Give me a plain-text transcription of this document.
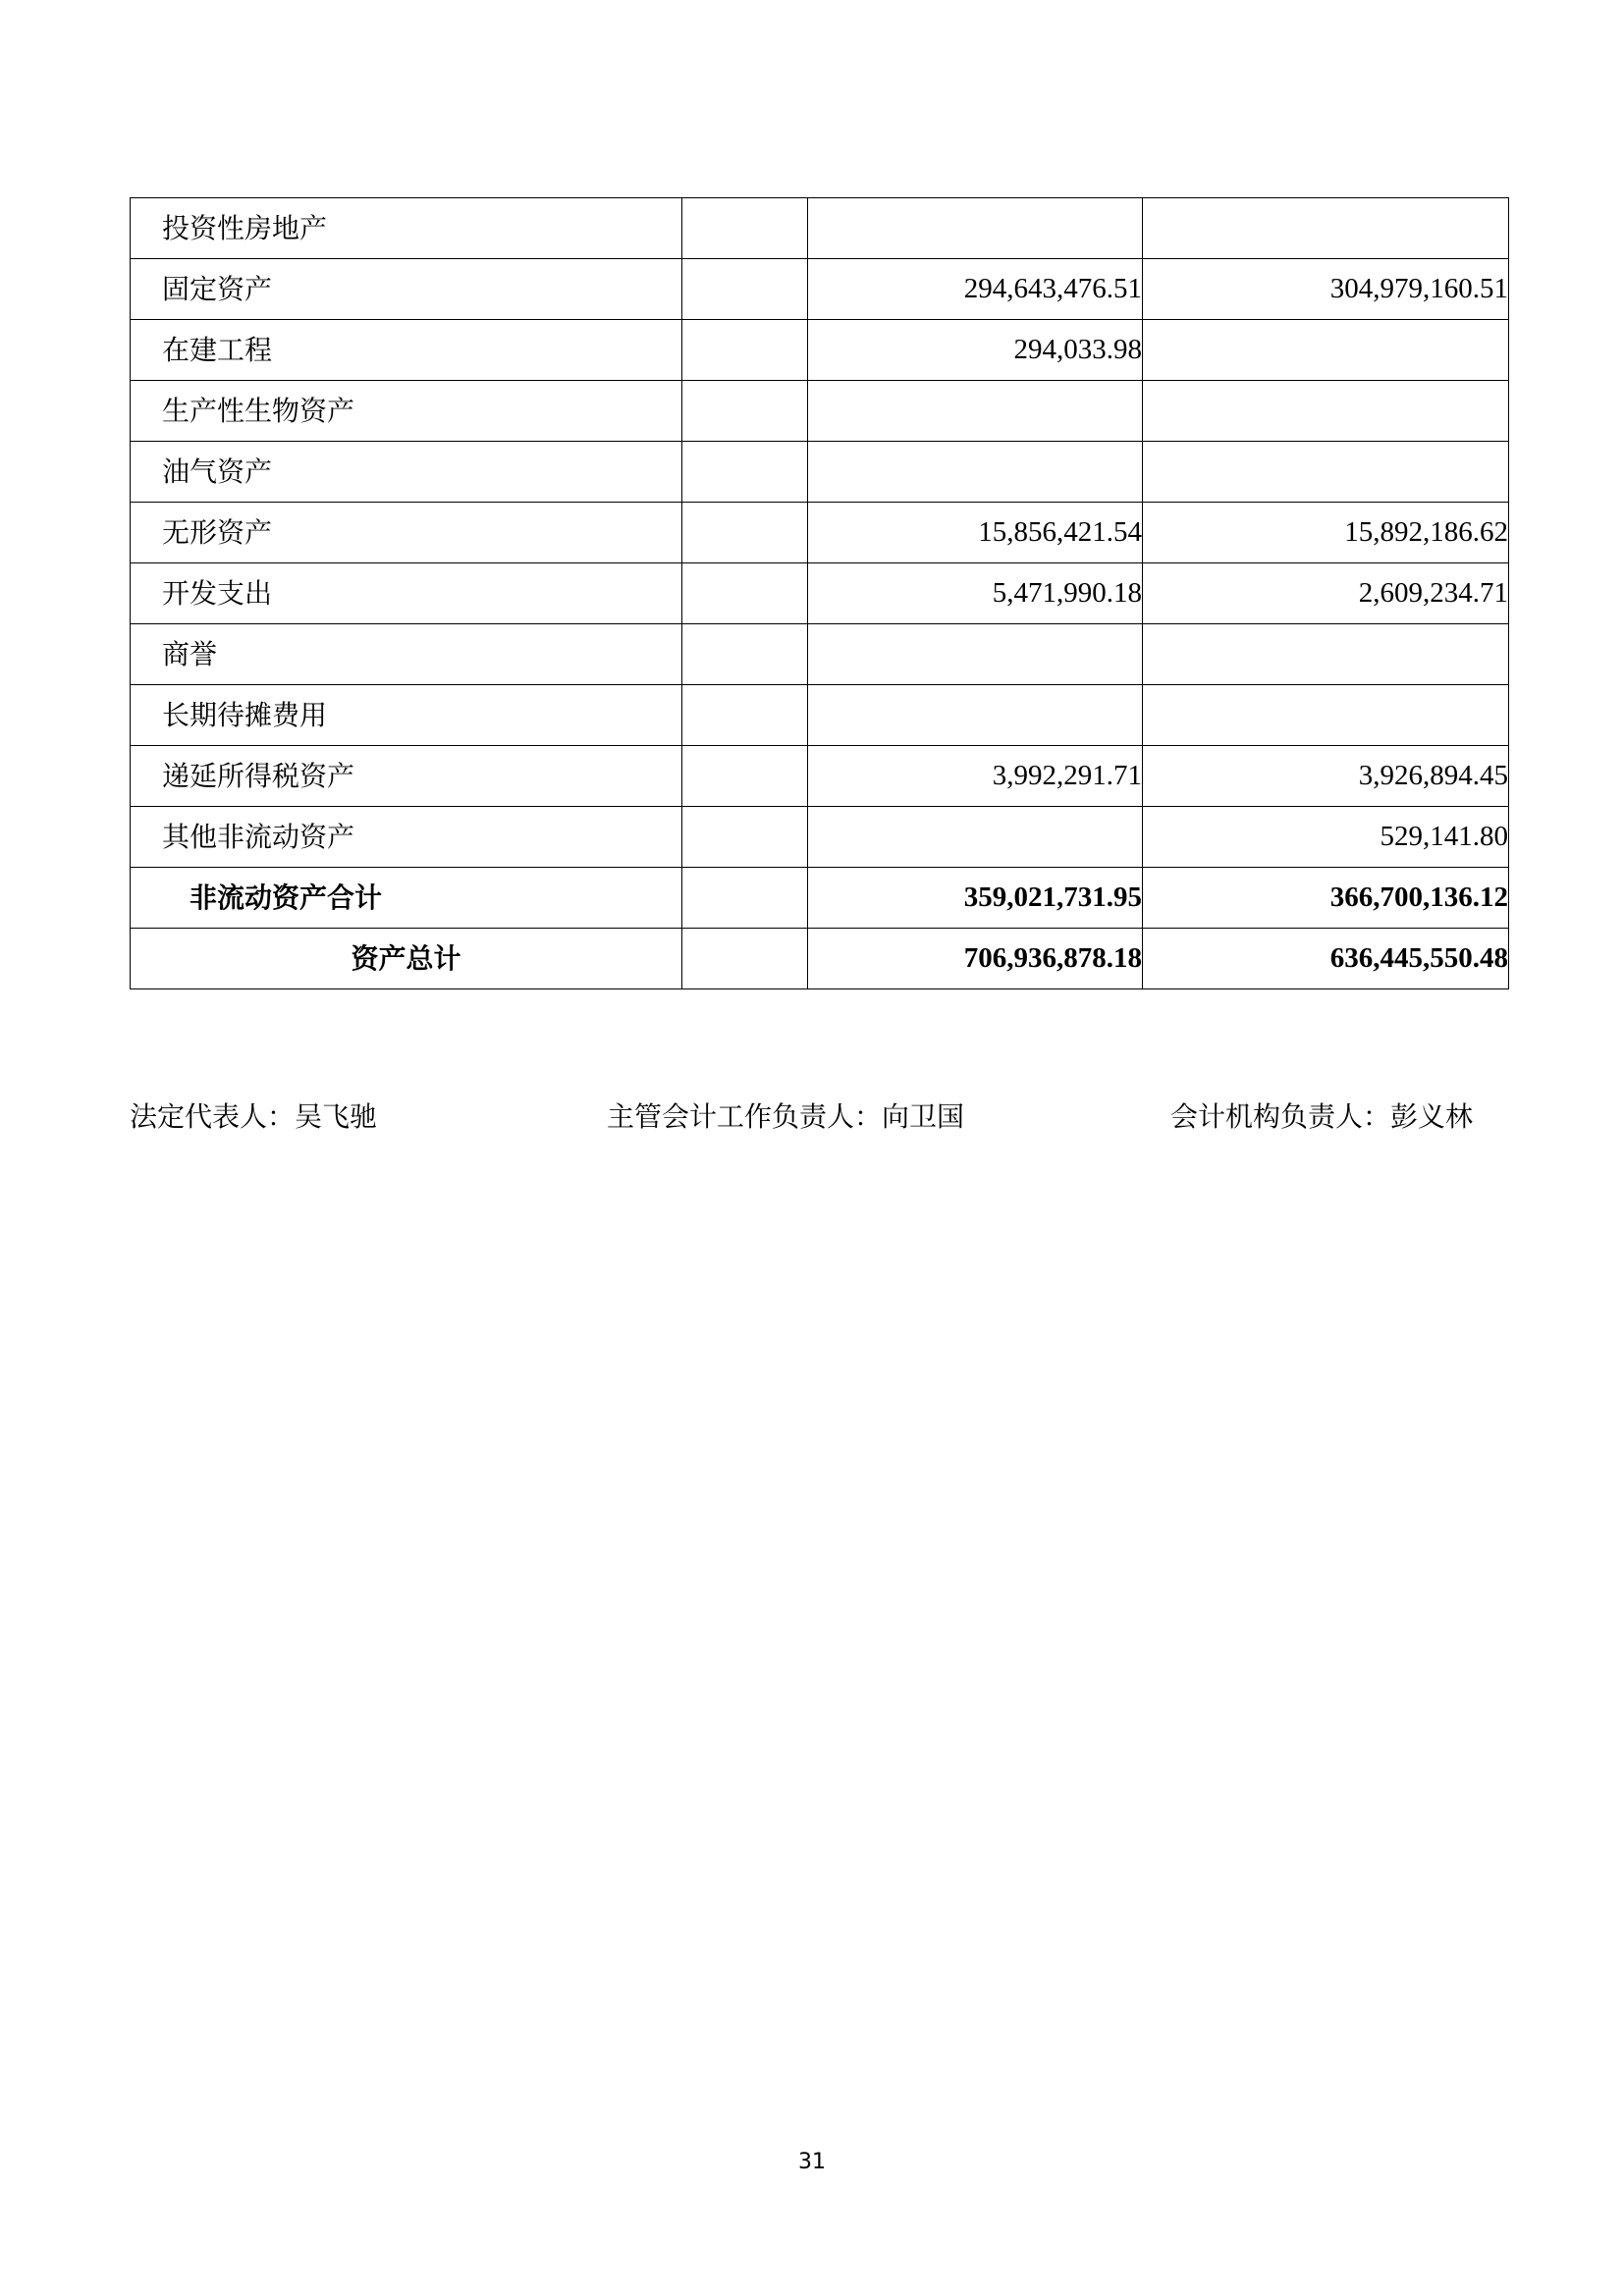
投资性房地产			
固定资产		294,643,476.51	304,979,160.51
在建工程		294,033.98	
生产性生物资产			
油气资产			
无形资产		15,856,421.54	15,892,186.62
开发支出		5,471,990.18	2,609,234.71
商誉			
长期待摊费用			
递延所得税资产		3,992,291.71	3,926,894.45
其他非流动资产			529,141.80
非流动资产合计		359,021,731.95	366,700,136.12
资产总计		706,936,878.18	636,445,550.48
法定代表人：吴飞驰	主管会计工作负责人：向卫国	会计机构负责人：彭义林
31
